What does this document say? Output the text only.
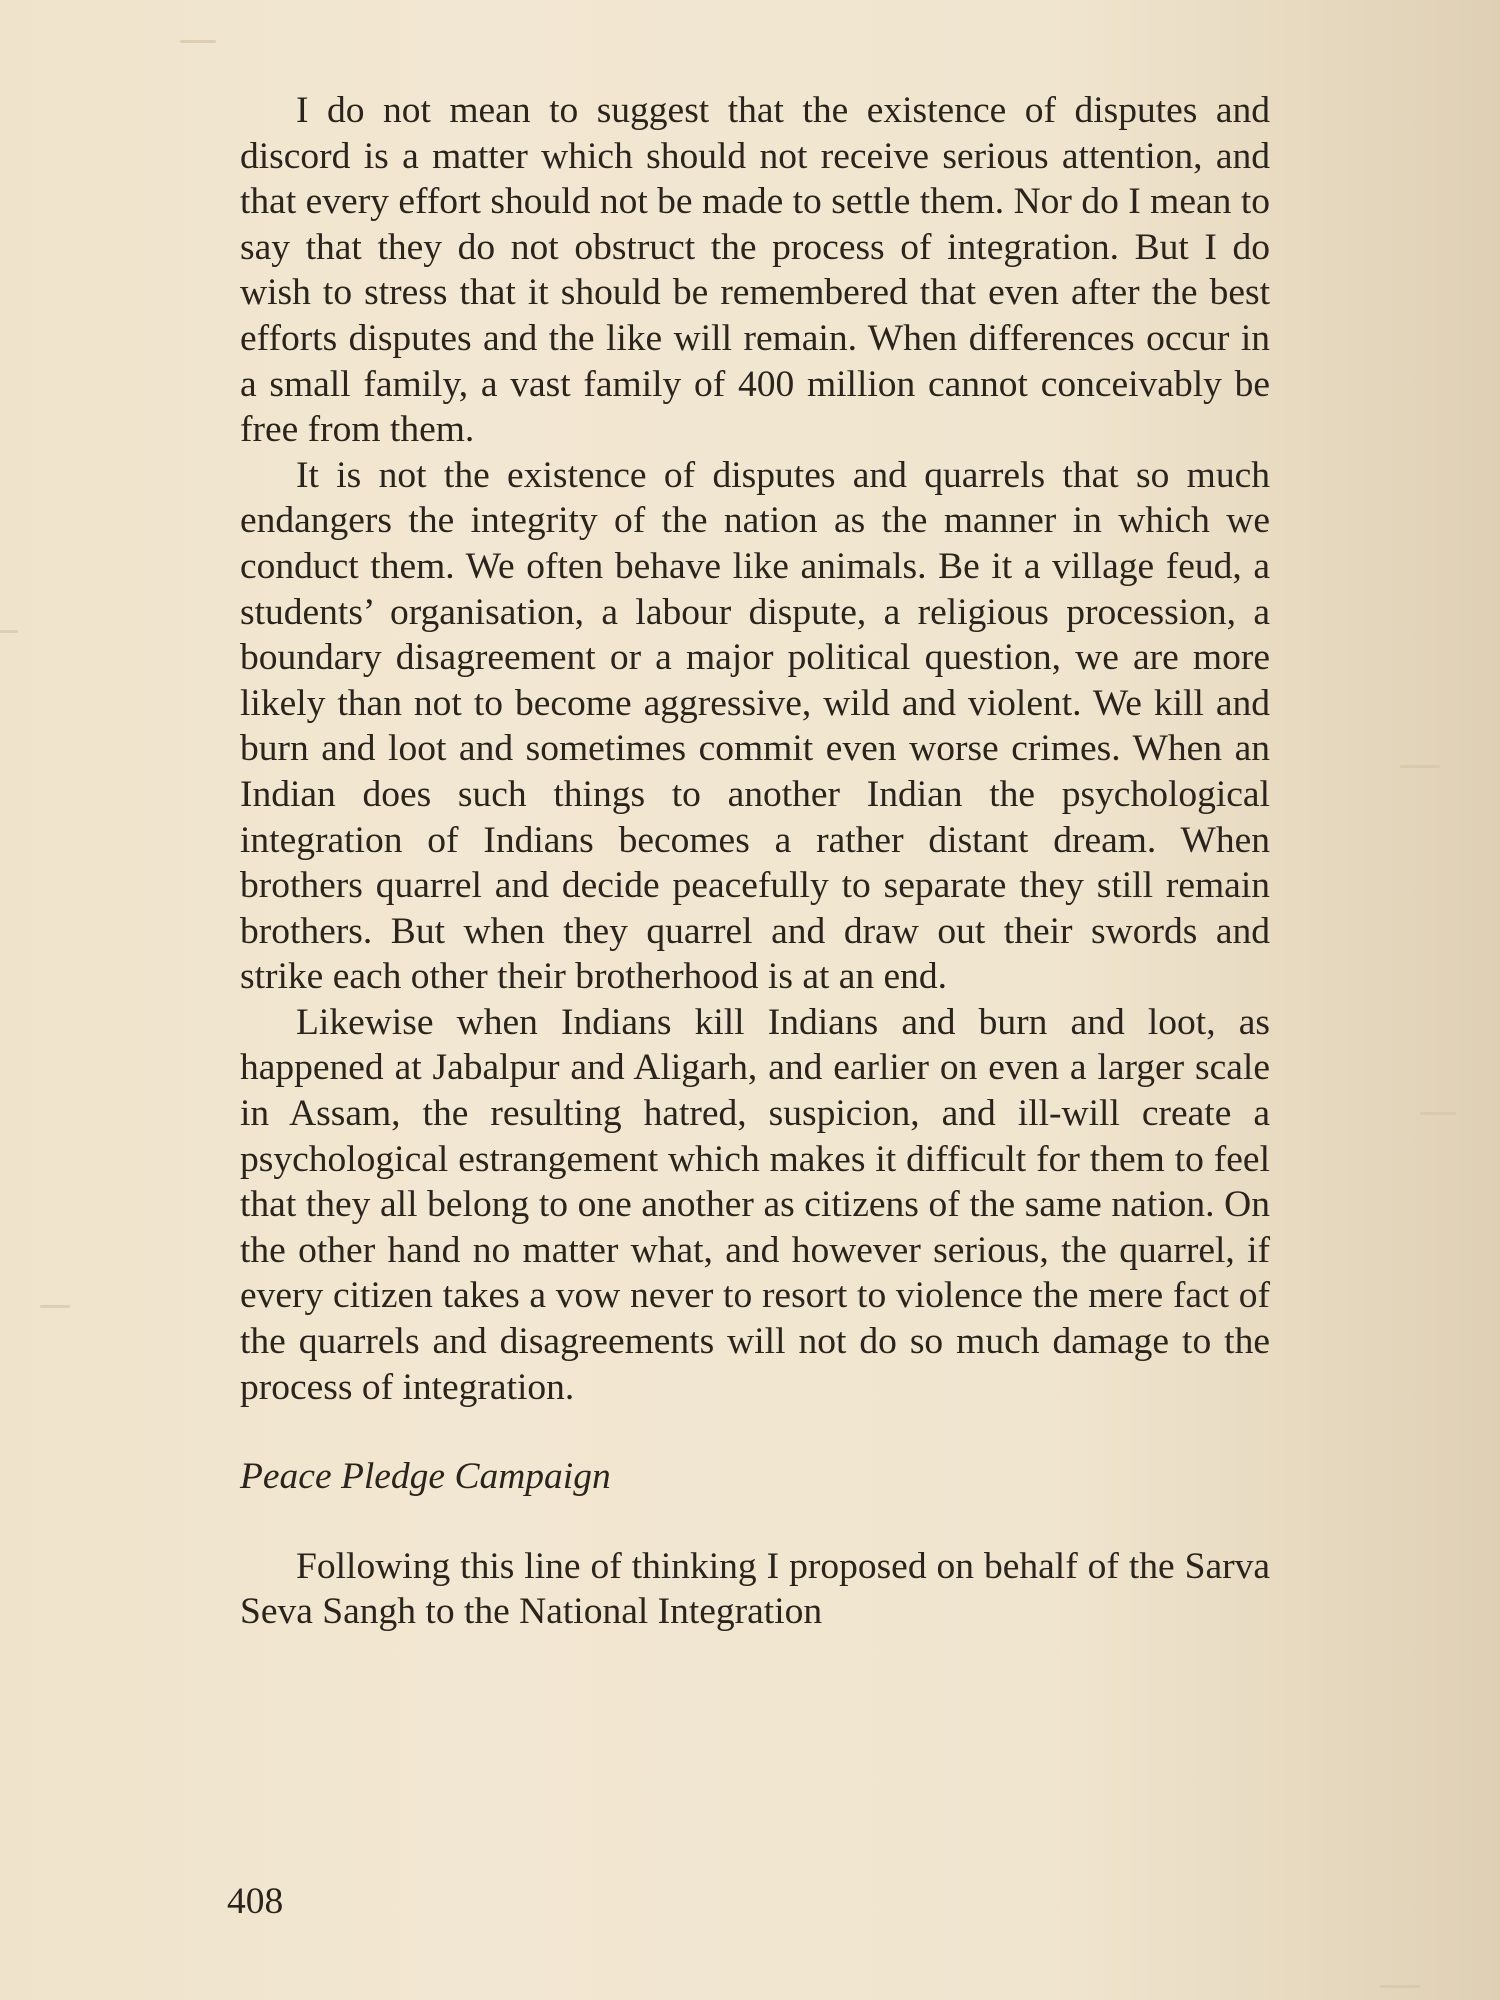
I do not mean to suggest that the existence of disputes and discord is a matter which should not receive serious attention, and that every effort should not be made to settle them. Nor do I mean to say that they do not obstruct the process of integration. But I do wish to stress that it should be remembered that even after the best efforts disputes and the like will remain. When differences occur in a small family, a vast family of 400 million cannot conceivably be free from them.

It is not the existence of disputes and quarrels that so much endangers the integrity of the nation as the manner in which we conduct them. We often behave like animals. Be it a village feud, a students’ organisation, a labour dispute, a religious procession, a boundary disagreement or a major political question, we are more likely than not to become aggressive, wild and violent. We kill and burn and loot and sometimes commit even worse crimes. When an Indian does such things to another Indian the psychological integration of Indians becomes a rather distant dream. When brothers quarrel and decide peacefully to separate they still remain brothers. But when they quarrel and draw out their swords and strike each other their brotherhood is at an end.

Likewise when Indians kill Indians and burn and loot, as happened at Jabalpur and Aligarh, and earlier on even a larger scale in Assam, the resulting hatred, suspicion, and ill-will create a psychological estrangement which makes it difficult for them to feel that they all belong to one another as citizens of the same nation. On the other hand no matter what, and however serious, the quarrel, if every citizen takes a vow never to resort to violence the mere fact of the quarrels and disagreements will not do so much damage to the process of integration.

Peace Pledge Campaign

Following this line of thinking I proposed on behalf of the Sarva Seva Sangh to the National Integration

408
